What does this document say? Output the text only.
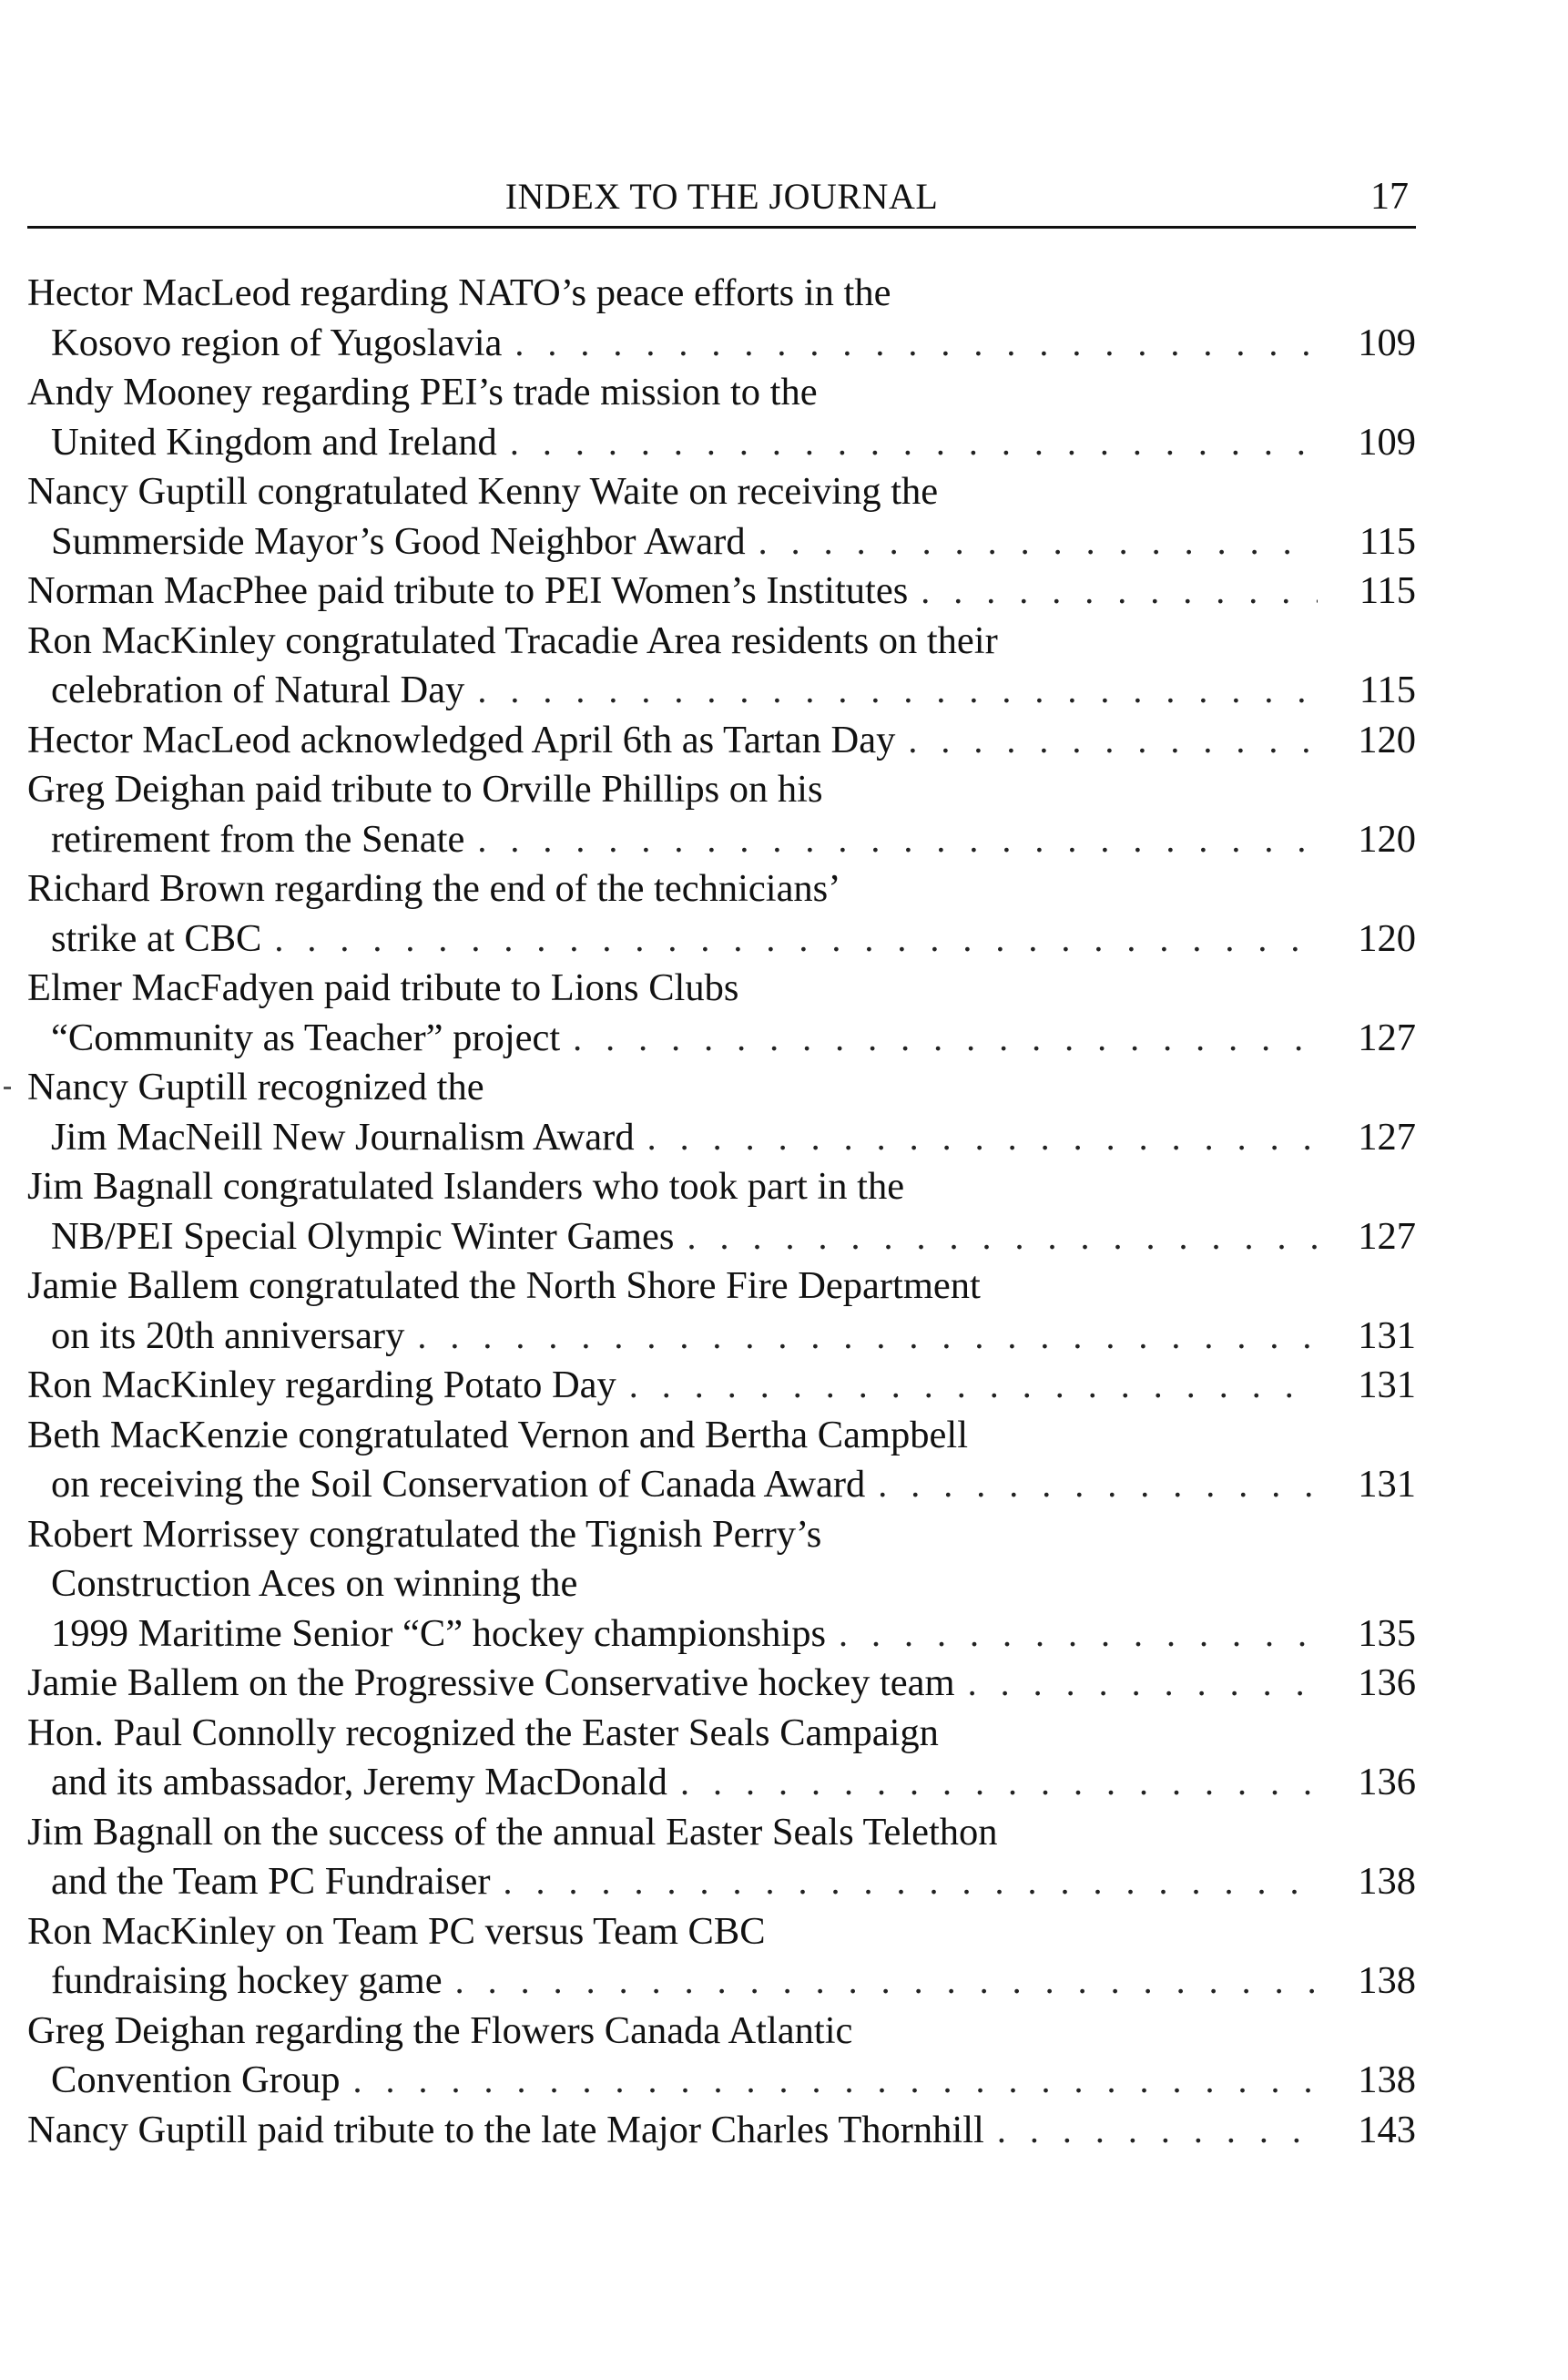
INDEX TO THE JOURNAL	17
Hector MacLeod regarding NATO’s peace efforts in the
Kosovo region of Yugoslavia . . .	109
Andy Mooney regarding PEI’s trade mission to the
United Kingdom and Ireland . . .	109
Nancy Guptill congratulated Kenny Waite on receiving the
Summerside Mayor’s Good Neighbor Award . . .	115
Norman MacPhee paid tribute to PEI Women’s Institutes . . .	115
Ron MacKinley congratulated Tracadie Area residents on their
celebration of Natural Day . . .	115
Hector MacLeod acknowledged April 6th as Tartan Day . . .	120
Greg Deighan paid tribute to Orville Phillips on his
retirement from the Senate . . .	120
Richard Brown regarding the end of the technicians’
strike at CBC . . .	120
Elmer MacFadyen paid tribute to Lions Clubs
“Community as Teacher” project . . .	127
Nancy Guptill recognized the
Jim MacNeill New Journalism Award . . .	127
Jim Bagnall congratulated Islanders who took part in the
NB/PEI Special Olympic Winter Games . . .	127
Jamie Ballem congratulated the North Shore Fire Department
on its 20th anniversary . . .	131
Ron MacKinley regarding Potato Day . . .	131
Beth MacKenzie congratulated Vernon and Bertha Campbell
on receiving the Soil Conservation of Canada Award . . .	131
Robert Morrissey congratulated the Tignish Perry’s
Construction Aces on winning the
1999 Maritime Senior “C” hockey championships . . .	135
Jamie Ballem on the Progressive Conservative hockey team . . .	136
Hon. Paul Connolly recognized the Easter Seals Campaign
and its ambassador, Jeremy MacDonald . . .	136
Jim Bagnall on the success of the annual Easter Seals Telethon
and the Team PC Fundraiser . . .	138
Ron MacKinley on Team PC versus Team CBC
fundraising hockey game . . .	138
Greg Deighan regarding the Flowers Canada Atlantic
Convention Group . . .	138
Nancy Guptill paid tribute to the late Major Charles Thornhill . . .	143
